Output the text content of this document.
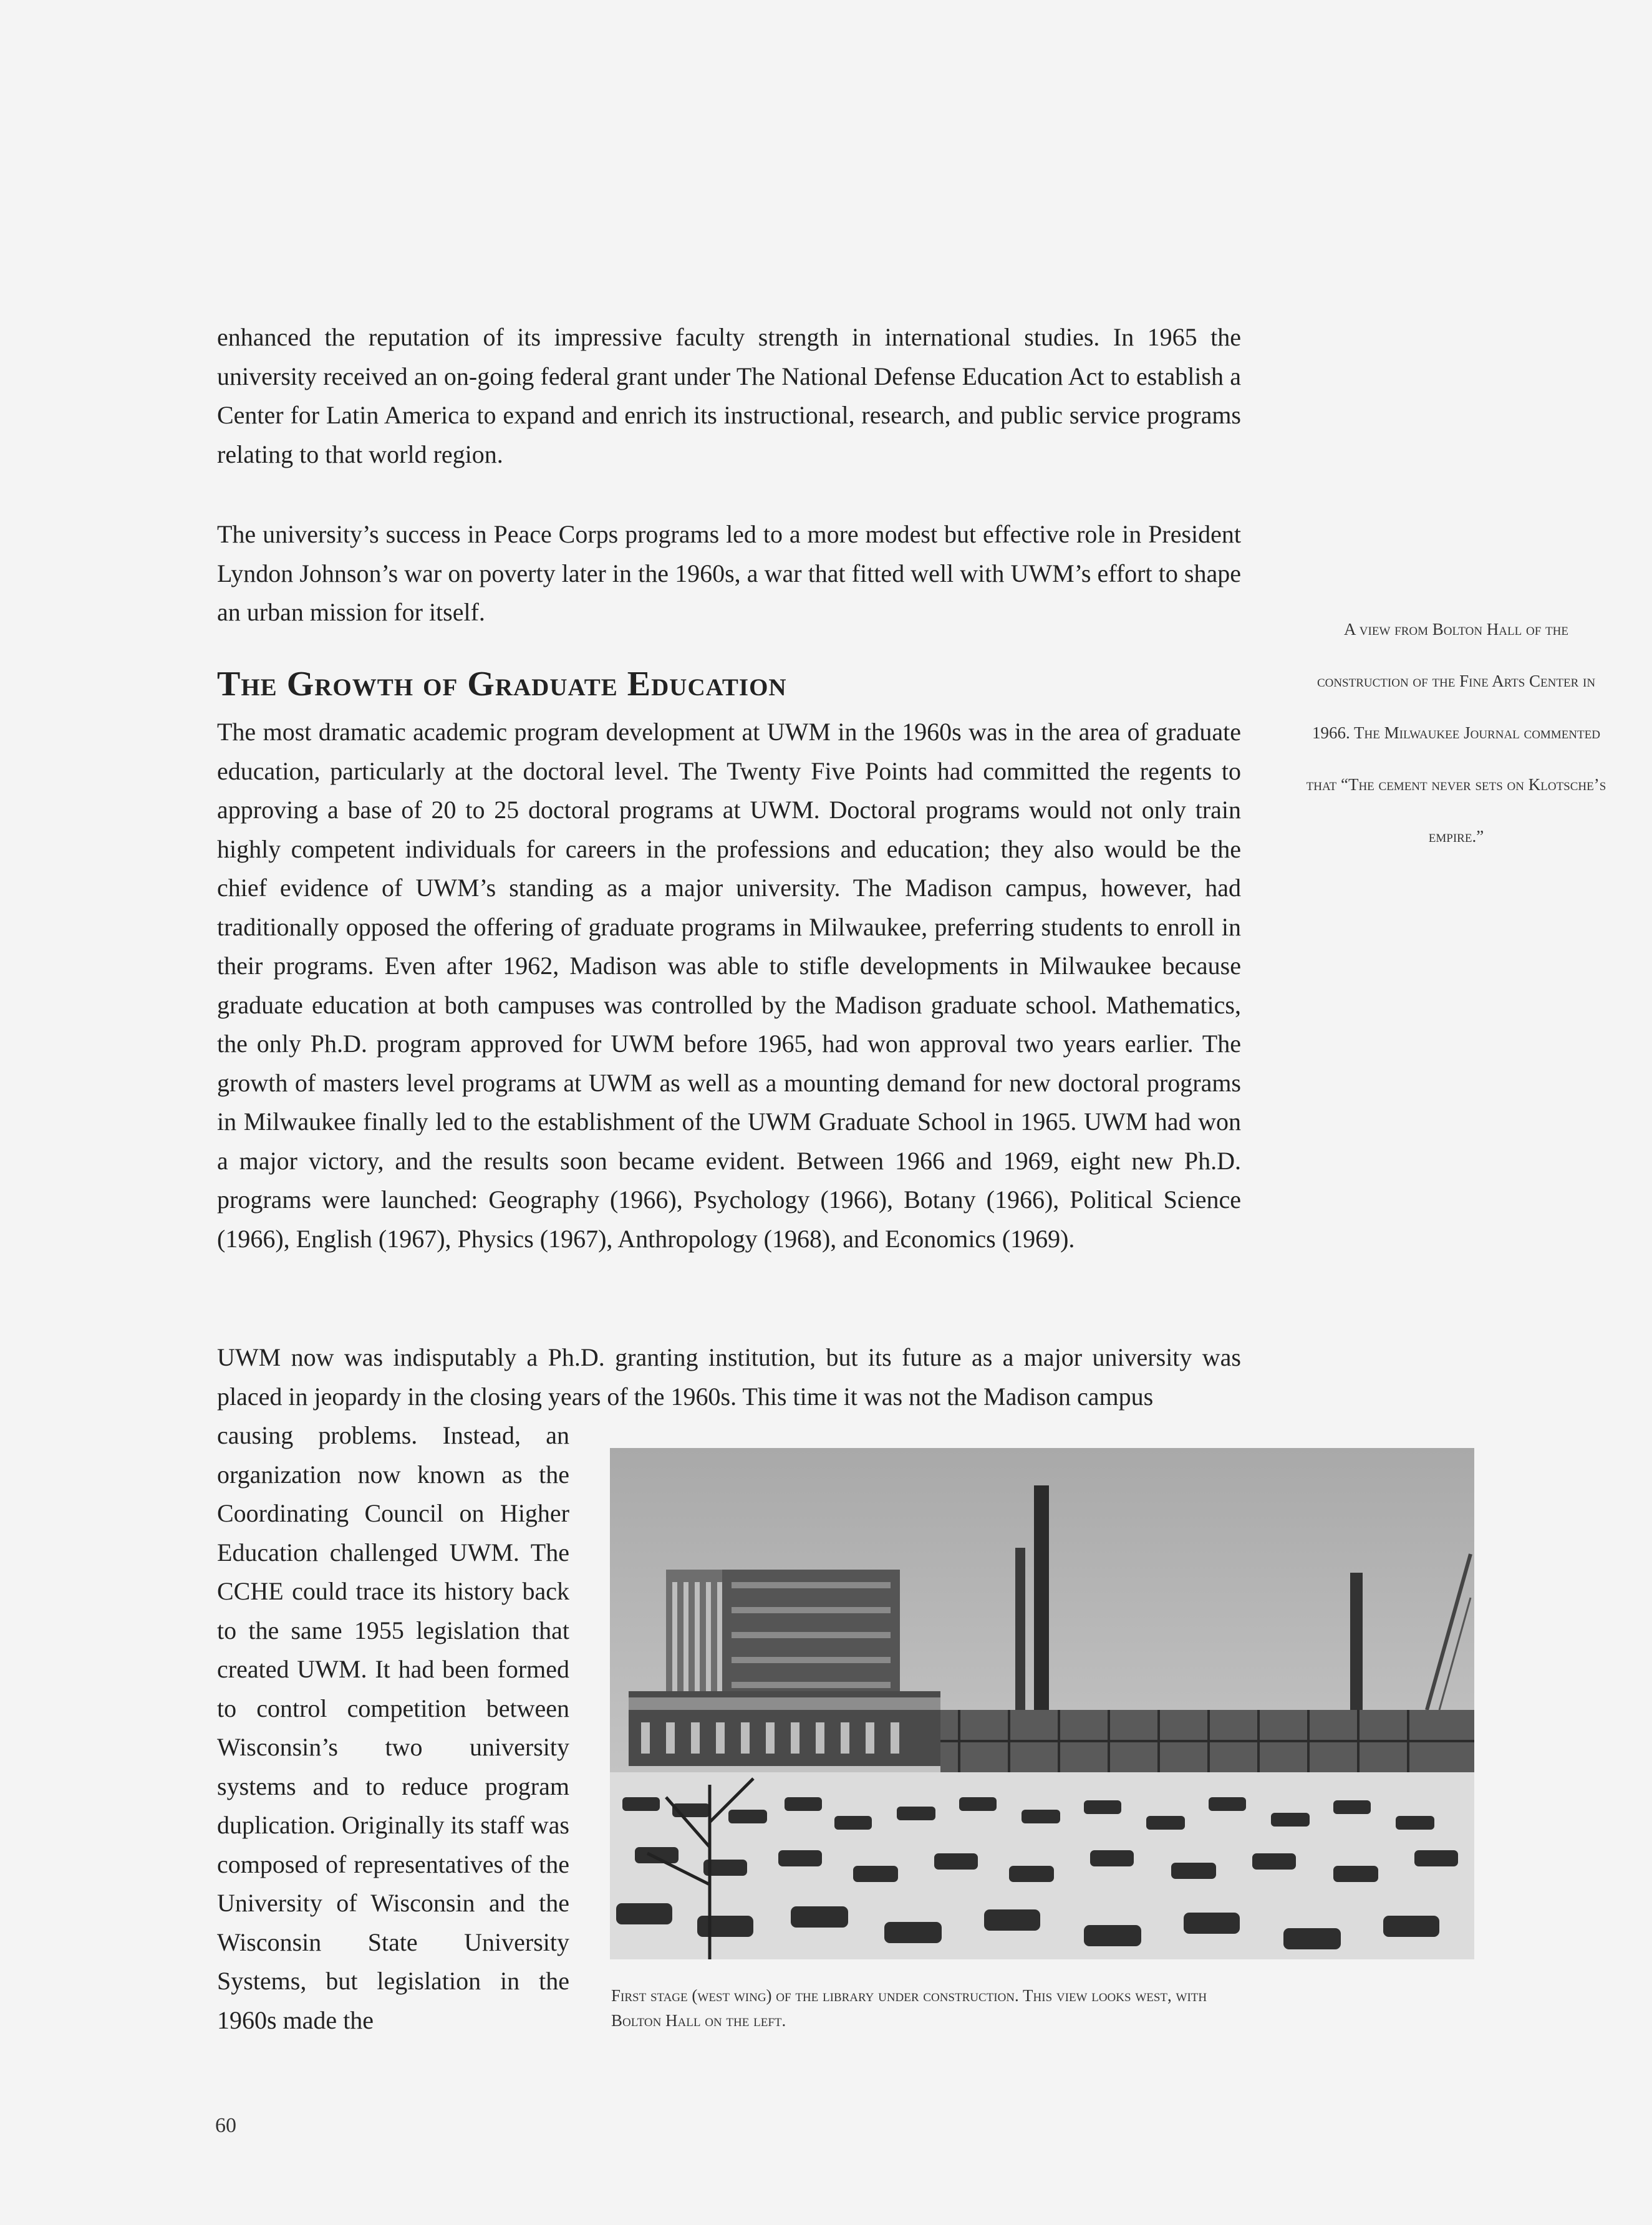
enhanced the reputation of its impressive faculty strength in international studies. In 1965 the university received an on-going federal grant under The National Defense Education Act to establish a Center for Latin America to expand and enrich its instructional, research, and public service programs relating to that world region.

The university’s success in Peace Corps programs led to a more modest but effective role in President Lyndon Johnson’s war on poverty later in the 1960s, a war that fitted well with UWM’s effort to shape an urban mission for itself.

A view from Bolton Hall of the construction of the Fine Arts Center in 1966. The Milwaukee Journal commented that “The cement never sets on Klotsche’s empire.”
The Growth of Graduate Education

The most dramatic academic program development at UWM in the 1960s was in the area of graduate education, particularly at the doctoral level. The Twenty Five Points had committed the regents to approving a base of 20 to 25 doctoral programs at UWM. Doctoral programs would not only train highly competent individuals for careers in the professions and education; they also would be the chief evidence of UWM’s standing as a major university. The Madison campus, however, had traditionally opposed the offering of graduate programs in Milwaukee, preferring students to enroll in their programs. Even after 1962, Madison was able to stifle developments in Milwaukee because graduate education at both campuses was controlled by the Madison graduate school. Mathematics, the only Ph.D. program approved for UWM before 1965, had won approval two years earlier. The growth of masters level programs at UWM as well as a mounting demand for new doctoral programs in Milwaukee finally led to the establishment of the UWM Graduate School in 1965. UWM had won a major victory, and the results soon became evident. Between 1966 and 1969, eight new Ph.D. programs were launched: Geography (1966), Psychology (1966), Botany (1966), Political Science (1966), English (1967), Physics (1967), Anthropology (1968), and Economics (1969).

UWM now was indisputably a Ph.D. granting institution, but its future as a major university was placed in jeopardy in the closing years of the 1960s. This time it was not the Madison campus

causing problems. Instead, an organization now known as the Coordinating Council on Higher Education challenged UWM. The CCHE could trace its history back to the same 1955 legislation that created UWM. It had been formed to control competition between Wisconsin’s two university systems and to reduce program duplication. Originally its staff was composed of representatives of the University of Wisconsin and the Wisconsin State University Systems, but legislation in the 1960s made the

First stage (west wing) of the library under construction. This view looks west, with Bolton Hall on the left.
60
